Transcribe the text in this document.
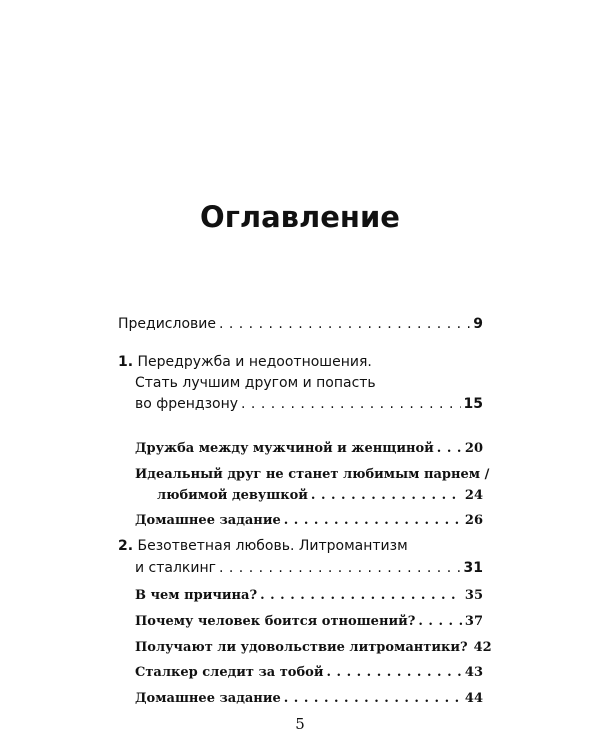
Оглавление
Предисловие . . .	9
1. Передружба и недоотношения.
Стать лучшим другом и попасть
во френдзону . . .	15
Дружба между мужчиной и женщиной . . . 20
Идеальный друг не станет любимым парнем /
любимой девушкой . . .	24
Домашнее задание . . .	26
2. Безответная любовь. Литромантизм
и сталкинг . . .	31
В чем причина? . . .	35
Почему человек боится отношений? . . .	37
Получают ли удовольствие литромантики? 42
Сталкер следит за тобой . . .	43
Домашнее задание . . .	44
5
